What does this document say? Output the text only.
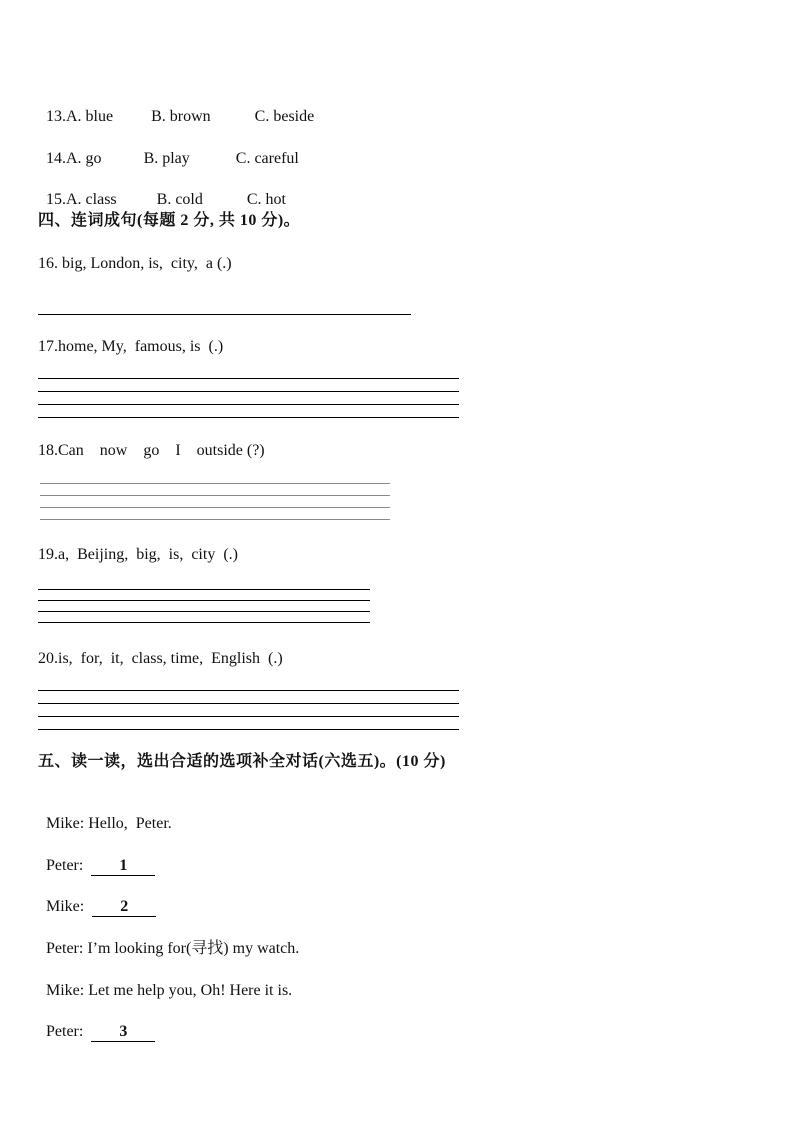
13.A. blue B. brown	C. beside

14.A. go	B. play	C. careful

15.A. class	B. cold	C. hot

四、连词成句(每题 2 分, 共 10 分)。
16. big, London, is,  city,  a (.)
17.home, My,  famous, is  (.)
18.Can    now    go    I    outside (?)
19.a,  Beijing,  big,  is,  city  (.)
20.is,  for,  it,  class, time,  English  (.)
五、读一读，选出合适的选项补全对话(六选五)。(10 分)

Mike: Hello,  Peter.

Peter: 1

Mike: 2

Peter: I’m looking for(寻找) my watch.

Mike: Let me help you, Oh! Here it is.

Peter: 3
